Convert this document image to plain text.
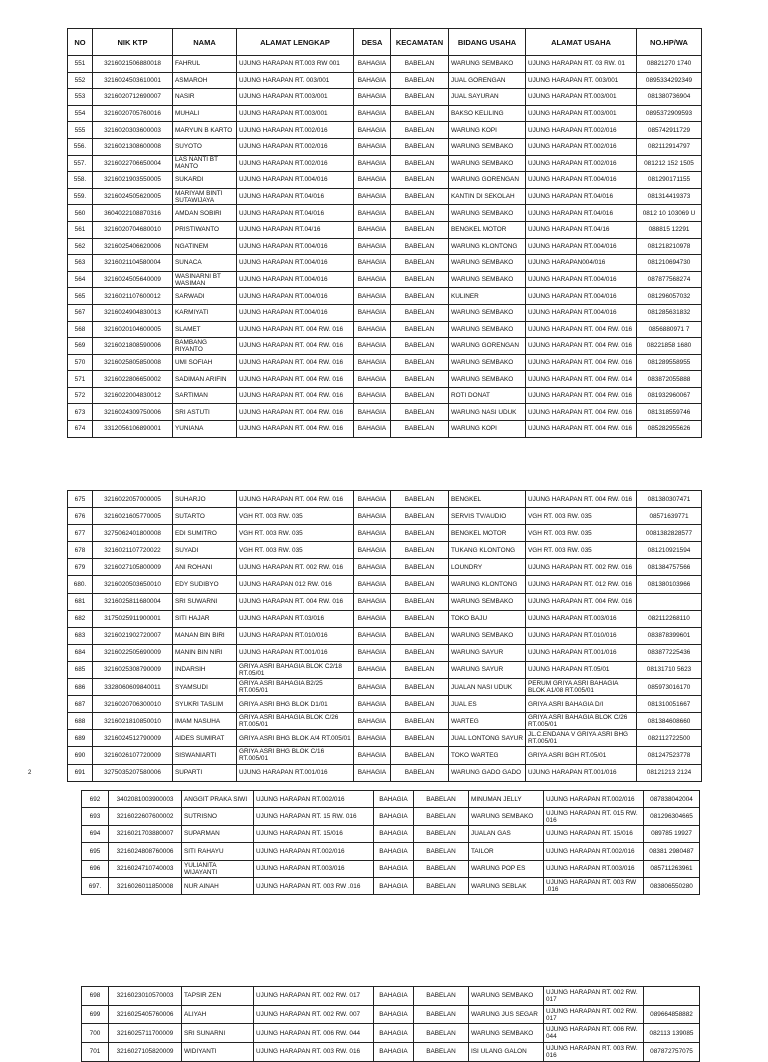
NO	NIK KTP	NAMA	ALAMAT LENGKAP	DESA	KECAMATAN	BIDANG USAHA	ALAMAT USAHA	NO.HP/WA
551	3216021506880018	FAHRUL	UJUNG HARAPAN RT.003 RW 001	BAHAGIA	BABELAN	WARUNG SEMBAKO	UJUNG HARAPAN RT. 03 RW. 01	08821270 1740
552	3216024503610001	ASMAROH	UJUNG HARAPAN RT. 003/001	BAHAGIA	BABELAN	JUAL GORENGAN	UJUNG HARAPAN RT. 003/001	0895334292349
553	3216020712690007	NASIR	UJUNG HARAPAN RT.003/001	BAHAGIA	BABELAN	JUAL SAYURAN	UJUNG HARAPAN RT.003/001	081380736904
554	3216020705760016	MUHALI	UJUNG HARAPAN RT.003/001	BAHAGIA	BABELAN	BAKSO KELILING	UJUNG HARAPAN RT.003/001	0895372909593
555	3216020303600003	MARYUN B KARTO	UJUNG HARAPAN RT.002/016	BAHAGIA	BABELAN	WARUNG KOPI	UJUNG HARAPAN RT.002/016	085742911729
556.	3216021308600008	SUYOTO	UJUNG HARAPAN RT.002/016	BAHAGIA	BABELAN	WARUNG SEMBAKO	UJUNG HARAPAN RT.002/016	082112914797
557.	3216022706650004	LAS NANTI BT MANTO	UJUNG HARAPAN RT.002/016	BAHAGIA	BABELAN	WARUNG SEMBAKO	UJUNG HARAPAN RT.002/016	081212 152 1505
558.	3216021903550005	SUKARDI	UJUNG HARAPAN RT.004/016	BAHAGIA	BABELAN	WARUNG GORENGAN	UJUNG HARAPAN RT.004/016	081290171155
559.	3216024505620005	MARIYAM BINTI SUTAWIJAYA	UJUNG HARAPAN RT.04/016	BAHAGIA	BABELAN	KANTIN DI SEKOLAH	UJUNG HARAPAN RT.04/016	081314419373
560	3604022108870316	AMDAN SOBIRI	UJUNG HARAPAN RT.04/016	BAHAGIA	BABELAN	WARUNG SEMBAKO	UJUNG HARAPAN RT.04/016	0812 10 103069 U
561	3216020704680010	PRISTIWANTO	UJUNG HARAPAN RT.04/16	BAHAGIA	BABELAN	BENGKEL MOTOR	UJUNG HARAPAN RT.04/16	088815 12291
562	3216025406620006	NGATINEM	UJUNG HARAPAN RT.004/016	BAHAGIA	BABELAN	WARUNG KLONTONG	UJUNG HARAPAN RT.004/016	081218210978
563	3216021104580004	SUNACA	UJUNG HARAPAN RT.004/016	BAHAGIA	BABELAN	WARUNG SEMBAKO	UJUNG HARAPAN004/016	081210694730
564	3216024505640009	WASINARNI BT WASIMAN	UJUNG HARAPAN RT.004/016	BAHAGIA	BABELAN	WARUNG SEMBAKO	UJUNG HARAPAN RT.004/016	087877568274
565	3216021107600012	SARWADI	UJUNG HARAPAN RT.004/016	BAHAGIA	BABELAN	KULINER	UJUNG HARAPAN RT.004/016	081296057032
567	3216024904830013	KARMIYATI	UJUNG HARAPAN RT.004/016	BAHAGIA	BABELAN	WARUNG SEMBAKO	UJUNG HARAPAN RT.004/016	081285631832
568	3216020104600005	SLAMET	UJUNG HARAPAN RT. 004 RW. 016	BAHAGIA	BABELAN	WARUNG SEMBAKO	UJUNG HARAPAN RT. 004 RW. 016	0856880971 7
569	3216021808590006	BAMBANG RIYANTO	UJUNG HARAPAN RT. 004 RW. 016	BAHAGIA	BABELAN	WARUNG GORENGAN	UJUNG HARAPAN RT. 004 RW. 016	08221858 1680
570	3216025805850008	UMI SOFIAH	UJUNG HARAPAN RT. 004 RW. 016	BAHAGIA	BABELAN	WARUNG SEMBAKO	UJUNG HARAPAN RT. 004 RW. 016	081289558955
571	3216022806650002	SADIMAN ARIFIN	UJUNG HARAPAN RT. 004 RW. 016	BAHAGIA	BABELAN	WARUNG SEMBAKO	UJUNG HARAPAN RT. 004 RW. 014	083872055888
572	3216022004830012	SARTIMAN	UJUNG HARAPAN RT. 004 RW. 016	BAHAGIA	BABELAN	ROTI DONAT	UJUNG HARAPAN RT. 004 RW. 016	081932960067
673	3216024309750006	SRI ASTUTI	UJUNG HARAPAN RT. 004 RW. 016	BAHAGIA	BABELAN	WARUNG NASI UDUK	UJUNG HARAPAN RT. 004 RW. 016	081318559746
674	3312056106890001	YUNIANA	UJUNG HARAPAN RT. 004 RW. 016	BAHAGIA	BABELAN	WARUNG KOPI	UJUNG HARAPAN RT. 004 RW. 016	085282955626
675	3216022057000005	SUHARJO	UJUNG HARAPAN RT. 004 RW. 016	BAHAGIA	BABELAN	BENGKEL	UJUNG HARAPAN RT. 004 RW. 016	081380307471
676	3216021605770005	SUTARTO	VGH RT. 003 RW. 035	BAHAGIA	BABELAN	SERVIS TV/AUDIO	VGH RT. 003 RW. 035	08571639771
677	3275062401800008	EDI SUMITRO	VGH RT. 003 RW. 035	BAHAGIA	BABELAN	BENGKEL MOTOR	VGH RT. 003 RW. 035	0081382828577
678	3216021107720022	SUYADI	VGH RT. 003 RW. 035	BAHAGIA	BABELAN	TUKANG KLONTONG	VGH RT. 003 RW. 035	081210921594
679	3216027105800009	ANI ROHANI	UJUNG HARAPAN RT. 002 RW. 016	BAHAGIA	BABELAN	LOUNDRY	UJUNG HARAPAN RT. 002 RW. 016	081384757566
680.	3216020503650010	EDY SUDIBYO	UJUNG HARAPAN 012 RW. 016	BAHAGIA	BABELAN	WARUNG KLONTONG	UJUNG HARAPAN RT. 012 RW. 016	081380103966
681	3216025811680004	SRI SUWARNI	UJUNG HARAPAN RT. 004 RW. 016	BAHAGIA	BABELAN	WARUNG SEMBAKO	UJUNG HARAPAN RT. 004 RW. 016	
682	3175025911900001	SITI HAJAR	UJUNG HARAPAN RT.03/016	BAHAGIA	BABELAN	TOKO BAJU	UJUNG HARAPAN RT.003/016	082112268110
683	3216021902720007	MANAN BIN BIRI	UJUNG HARAPAN RT.010/016	BAHAGIA	BABELAN	WARUNG SEMBAKO	UJUNG HARAPAN RT.010/016	083878399601
684	3216022505690009	MANIN BIN NIRI	UJUNG HARAPAN RT.001/016	BAHAGIA	BABELAN	WARUNG SAYUR	UJUNG HARAPAN RT.001/016	083877225436
685	3216025308790009	INDARSIH	GRIYA ASRI BAHAGIA BLOK C2/18 RT.05/01	BAHAGIA	BABELAN	WARUNG SAYUR	UJUNG HARAPAN RT.05/01	08131710 5623
686	3328060609840011	SYAMSUDI	GRIYA ASRI BAHAGIA B2/25 RT.005/01	BAHAGIA	BABELAN	JUALAN NASI UDUK	PERUM GRIYA ASRI BAHAGIA BLOK A1/08 RT.005/01	085973016170
687	3216020706300010	SYUKRI TASLIM	GRIYA ASRI BHG BLOK D1/01	BAHAGIA	BABELAN	JUAL ES	GRIYA ASRI BAHAGIA D/I	081310051667
688	3216021810850010	IMAM NASUHA	GRIYA ASRI BAHAGIA BLOK C/26 RT.005/01	BAHAGIA	BABELAN	WARTEG	GRIYA ASRI BAHAGIA BLOK C/26 RT.005/01	081384608660
689	3216024512790009	AIDES SUMIRAT	GRIYA ASRI BHG BLOK A/4 RT.005/01	BAHAGIA	BABELAN	JUAL LONTONG SAYUR	JL.C.ENDANA V GRIYA ASRI BHG RT.005/01	082112722500
690	3216026107720009	SISWANIARTI	GRIYA ASRI BHG BLOK C/16 RT.005/01	BAHAGIA	BABELAN	TOKO WARTEG	GRIYA ASRI BGH RT.05/01	081247523778
691	3275035207580006	SUPARTI	UJUNG HARAPAN RT.001/016	BAHAGIA	BABELAN	WARUNG GADO GADO	UJUNG HARAPAN RT.001/016	08121213 2124
2
692	3402081003900003	ANGGIT PRAKA SIWI	UJUNG HARAPAN RT.002/016	BAHAGIA	BABELAN	MINUMAN JELLY	UJUNG HARAPAN RT.002/016	087838042004
693	3216022607600002	SUTRISNO	UJUNG HARAPAN RT. 15 RW. 016	BAHAGIA	BABELAN	WARUNG SEMBAKO	UJUNG HARAPAN RT. 015 RW. 016	081296304665
694	3216021703880007	SUPARMAN	UJUNG HARAPAN RT. 15/016	BAHAGIA	BABELAN	JUALAN GAS	UJUNG HARAPAN RT. 15/016	089785 19927
695	3216024808760006	SITI RAHAYU	UJUNG HARAPAN RT.002/016	BAHAGIA	BABELAN	TAILOR	UJUNG HARAPAN RT.002/016	08381 2980487
696	3216024710740003	YULIANITA WIJAYANTI	UJUNG HARAPAN RT.003/016	BAHAGIA	BABELAN	WARUNG POP ES	UJUNG HARAPAN RT.003/016	085711263961
697.	3216026011850008	NUR AINAH	UJUNG HARAPAN RT. 003 RW .016	BAHAGIA	BABELAN	WARUNG SEBLAK	UJUNG HARAPAN RT. 003 RW .016	083806550280
698	3216023010570003	TAPSIR ZEN	UJUNG HARAPAN RT. 002 RW. 017	BAHAGIA	BABELAN	WARUNG SEMBAKO	UJUNG HARAPAN RT. 002 RW. 017	
699	3216025405760006	ALIYAH	UJUNG HARAPAN RT. 002 RW. 007	BAHAGIA	BABELAN	WARUNG JUS SEGAR	UJUNG HARAPAN RT. 002 RW. 017	089664858882
700	3216025711700009	SRI SUNARNI	UJUNG HARAPAN RT. 006 RW. 044	BAHAGIA	BABELAN	WARUNG SEMBAKO	UJUNG HARAPAN RT. 006 RW. 044	082113 139085
701	3216027105820009	WIDIYANTI	UJUNG HARAPAN RT. 003 RW. 016	BAHAGIA	BABELAN	ISI ULANG GALON	UJUNG HARAPAN RT. 003 RW. 016	087872757075
